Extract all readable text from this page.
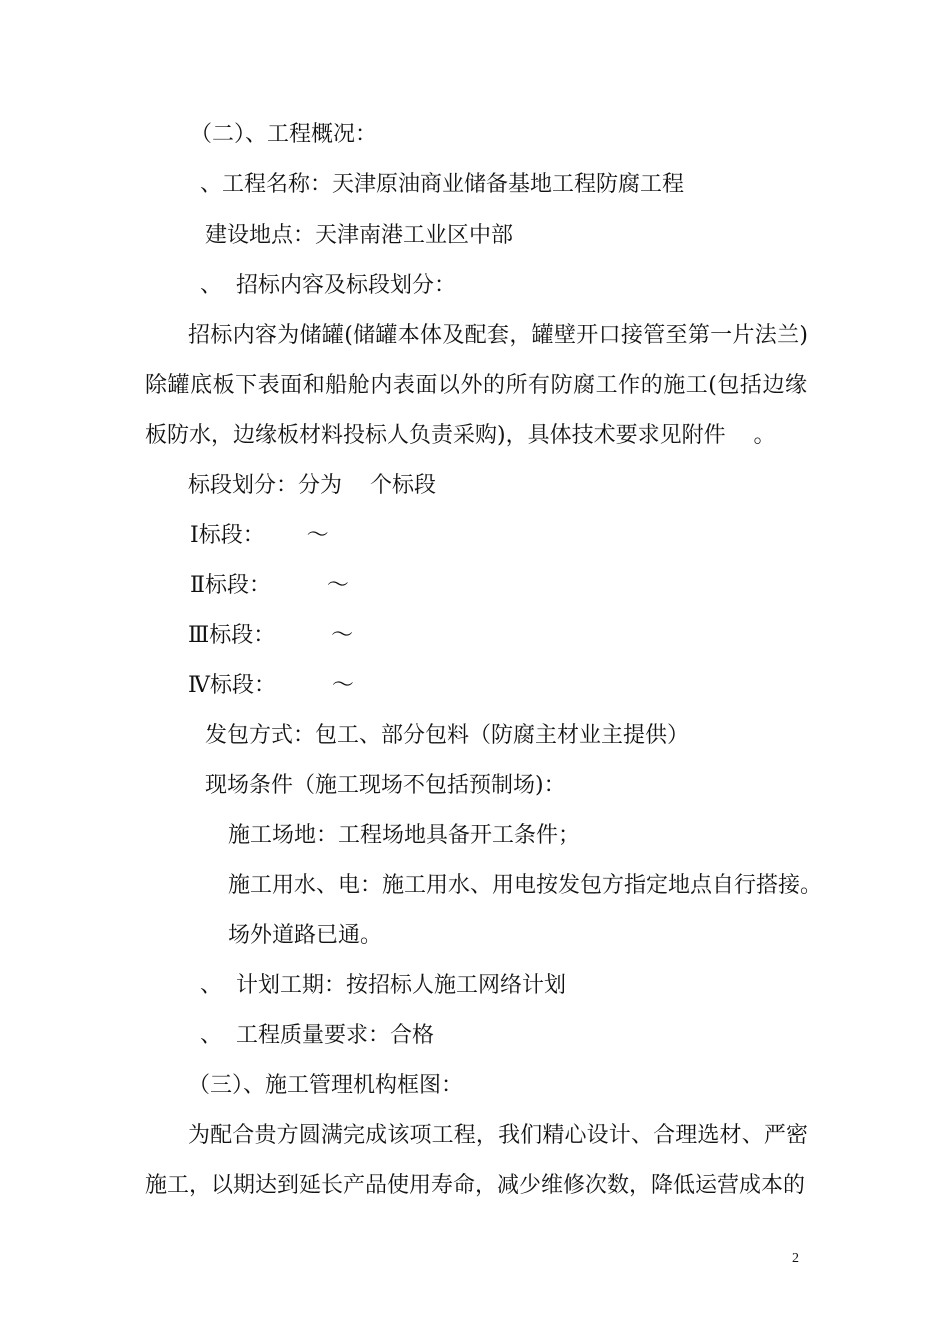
（二）、工程概况：
、工程名称：天津原油商业储备基地工程防腐工程
建设地点：天津南港工业区中部
、  招标内容及标段划分：
招标内容为储罐(储罐本体及配套，罐壁开口接管至第一片法兰)
除罐底板下表面和船舱内表面以外的所有防腐工作的施工(包括边缘
板防水，边缘板材料投标人负责采购)，具体技术要求见附件    。
标段划分：分为    个标段
Ⅰ标段：      ～
Ⅱ标段：        ～
Ⅲ标段：        ～
Ⅳ标段：        ～
发包方式：包工、部分包料（防腐主材业主提供）
现场条件（施工现场不包括预制场)：
施工场地：工程场地具备开工条件；
施工用水、电：施工用水、用电按发包方指定地点自行搭接。
场外道路已通。
、  计划工期：按招标人施工网络计划
、  工程质量要求：合格
（三）、施工管理机构框图：
为配合贵方圆满完成该项工程，我们精心设计、合理选材、严密
施工，以期达到延长产品使用寿命，减少维修次数，降低运营成本的
2
